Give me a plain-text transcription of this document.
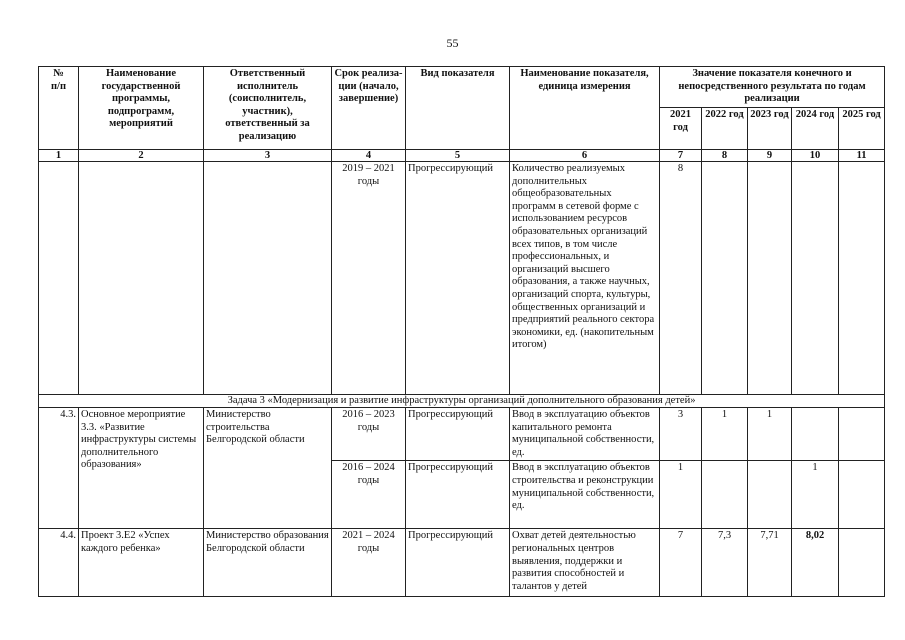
55
№
п/п	Наименование государственной программы, подпрограмм, мероприятий	Ответственный исполнитель (соисполнитель, участник), ответственный за реализацию	Срок реализа-ции (начало, завершение)	Вид показателя	Наименование показателя, единица измерения	Значение показателя конечного и непосредственного результата по годам реализации				
						2021 год	2022 год	2023 год	2024 год	2025 год
1	2	3	4	5	6	7	8	9	10	11
			2019 – 2021 годы	Прогрессирующий	Количество реализуемых дополнительных общеобразовательных программ в сетевой форме с использованием ресурсов образовательных организаций всех типов, в том числе профессиональных, и организаций высшего образования, а также научных, организаций спорта, культуры, общественных организаций и предприятий реального сектора экономики, ед. (накопительным итогом)	8				
Задача 3 «Модернизация и развитие инфраструктуры организаций дополнительного образования детей»										
4.3.	Основное мероприятие 3.3. «Развитие инфраструктуры системы дополнительного образования»	Министерство строительства Белгородской области	2016 – 2023 годы	Прогрессирующий	Ввод в эксплуатацию объектов капитального ремонта муниципальной собственности, ед.	3	1	1		
			2016 – 2024 годы	Прогрессирующий	Ввод в эксплуатацию объектов строительства и реконструкции муниципальной собственности, ед.	1			1	
4.4.	Проект 3.Е2 «Успех каждого ребенка»	Министерство образования Белгородской области	2021 – 2024 годы	Прогрессирующий	Охват детей деятельностью региональных центров выявления, поддержки и развития способностей и талантов у детей	7	7,3	7,71	8,02	
